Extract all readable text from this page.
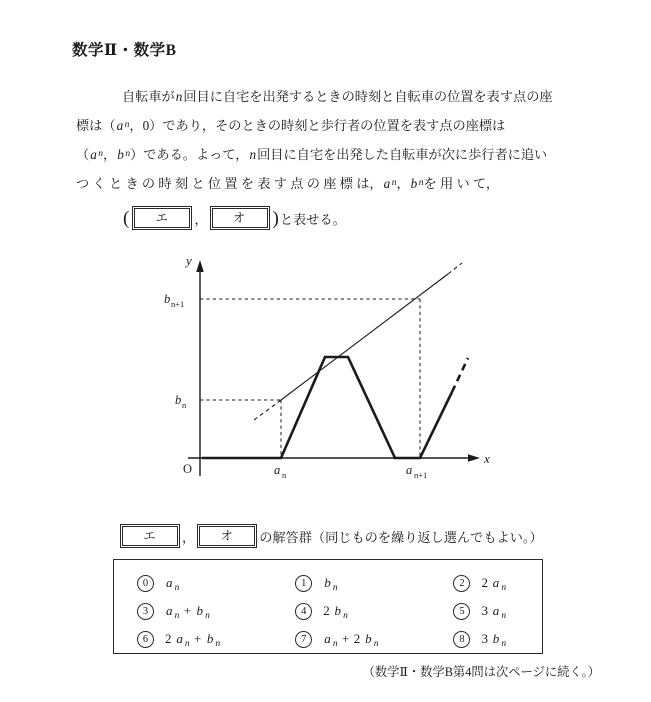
数学Ⅱ・数学B
自転車がn回目に自宅を出発するときの時刻と自転車の位置を表す点の座
標は（ a n ，0）であり，そのときの時刻と歩行者の位置を表す点の座標は
（ a n ， b n ）である。よって， n 回目に自宅を出発した自転車が次に歩行者に追い
つ く と き の 時 刻 と 位 置 を 表 す 点 の 座 標 は， a n ， b n を 用 い て，
(	エ	，	オ	) と表せる。
y
x
O
b n+1
b n
a n	a n+1
エ	，	オ	の解答群（同じものを繰り返し選んでもよい。）
0	a n	1	b n	2	2  a n
3	a n + b n	4	2  b n	5	3  a n
6	2  a n + b n	7	a n + 2  b n	8	3  b n
（数学Ⅱ・数学B第4問は次ページに続く。）
